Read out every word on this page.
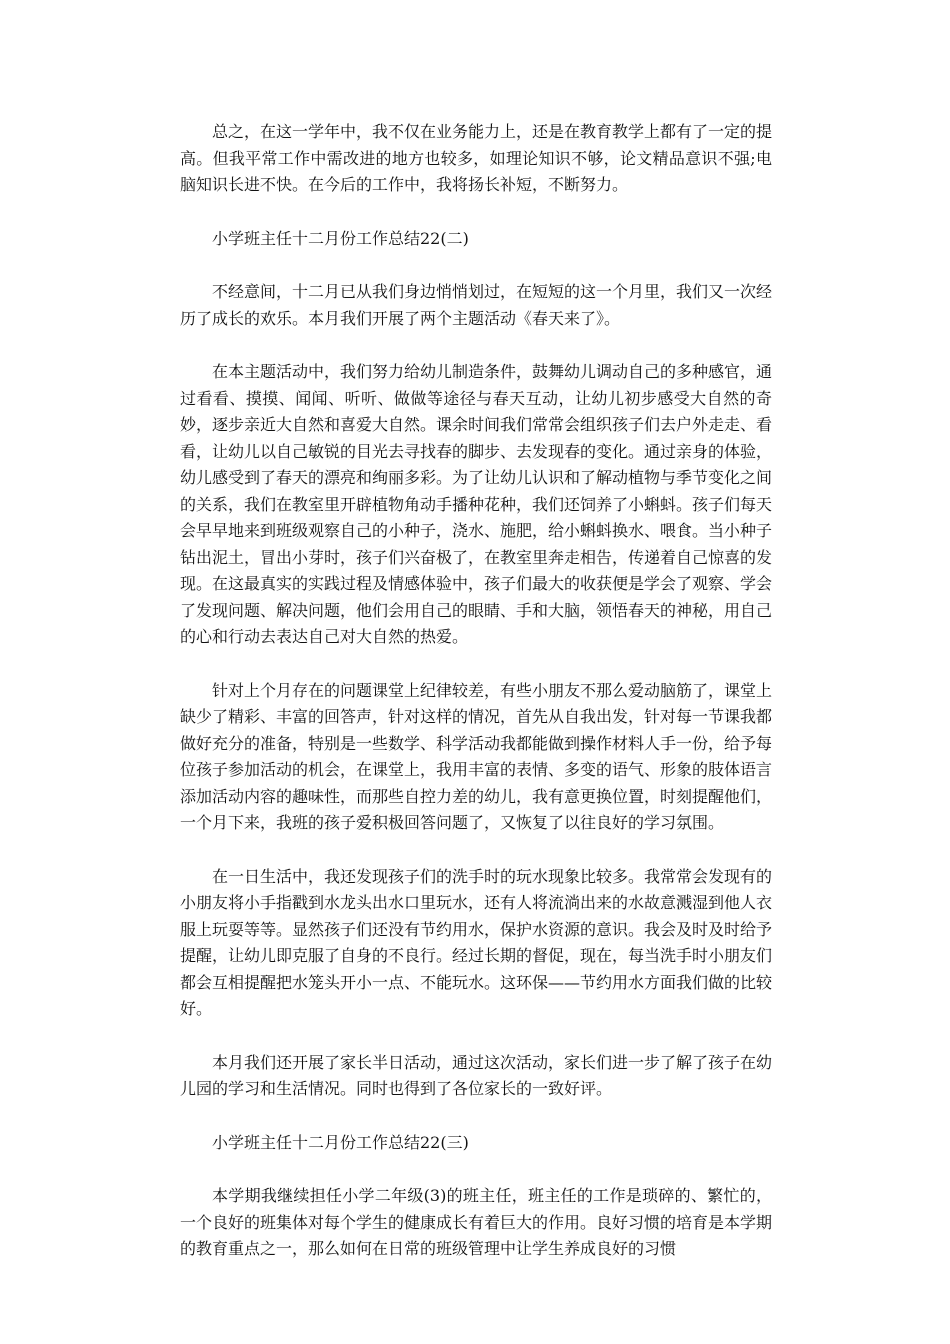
总之，在这一学年中，我不仅在业务能力上，还是在教育教学上都有了一定的提高。但我平常工作中需改进的地方也较多，如理论知识不够，论文精品意识不强;电脑知识长进不快。在今后的工作中，我将扬长补短，不断努力。

小学班主任十二月份工作总结22(二)

不经意间，十二月已从我们身边悄悄划过，在短短的这一个月里，我们又一次经历了成长的欢乐。本月我们开展了两个主题活动《春天来了》。

在本主题活动中，我们努力给幼儿制造条件，鼓舞幼儿调动自己的多种感官，通过看看、摸摸、闻闻、听听、做做等途径与春天互动，让幼儿初步感受大自然的奇妙，逐步亲近大自然和喜爱大自然。课余时间我们常常会组织孩子们去户外走走、看看，让幼儿以自己敏锐的目光去寻找春的脚步、去发现春的变化。通过亲身的体验，幼儿感受到了春天的漂亮和绚丽多彩。为了让幼儿认识和了解动植物与季节变化之间的关系，我们在教室里开辟植物角动手播种花种，我们还饲养了小蝌蚪。孩子们每天会早早地来到班级观察自己的小种子，浇水、施肥，给小蝌蚪换水、喂食。当小种子钻出泥土，冒出小芽时，孩子们兴奋极了，在教室里奔走相告，传递着自己惊喜的发现。在这最真实的实践过程及情感体验中，孩子们最大的收获便是学会了观察、学会了发现问题、解决问题，他们会用自己的眼睛、手和大脑，领悟春天的神秘，用自己的心和行动去表达自己对大自然的热爱。

针对上个月存在的问题课堂上纪律较差，有些小朋友不那么爱动脑筋了，课堂上缺少了精彩、丰富的回答声，针对这样的情况，首先从自我出发，针对每一节课我都做好充分的准备，特别是一些数学、科学活动我都能做到操作材料人手一份，给予每位孩子参加活动的机会，在课堂上，我用丰富的表情、多变的语气、形象的肢体语言添加活动内容的趣味性，而那些自控力差的幼儿，我有意更换位置，时刻提醒他们，一个月下来，我班的孩子爱积极回答问题了，又恢复了以往良好的学习氛围。

在一日生活中，我还发现孩子们的洗手时的玩水现象比较多。我常常会发现有的小朋友将小手指戳到水龙头出水口里玩水，还有人将流淌出来的水故意溅湿到他人衣服上玩耍等等。显然孩子们还没有节约用水，保护水资源的意识。我会及时及时给予提醒，让幼儿即克服了自身的不良行。经过长期的督促，现在，每当洗手时小朋友们都会互相提醒把水笼头开小一点、不能玩水。这环保——节约用水方面我们做的比较好。

本月我们还开展了家长半日活动，通过这次活动，家长们进一步了解了孩子在幼儿园的学习和生活情况。同时也得到了各位家长的一致好评。

小学班主任十二月份工作总结22(三)

本学期我继续担任小学二年级(3)的班主任，班主任的工作是琐碎的、繁忙的，一个良好的班集体对每个学生的健康成长有着巨大的作用。良好习惯的培育是本学期的教育重点之一，那么如何在日常的班级管理中让学生养成良好的习惯
